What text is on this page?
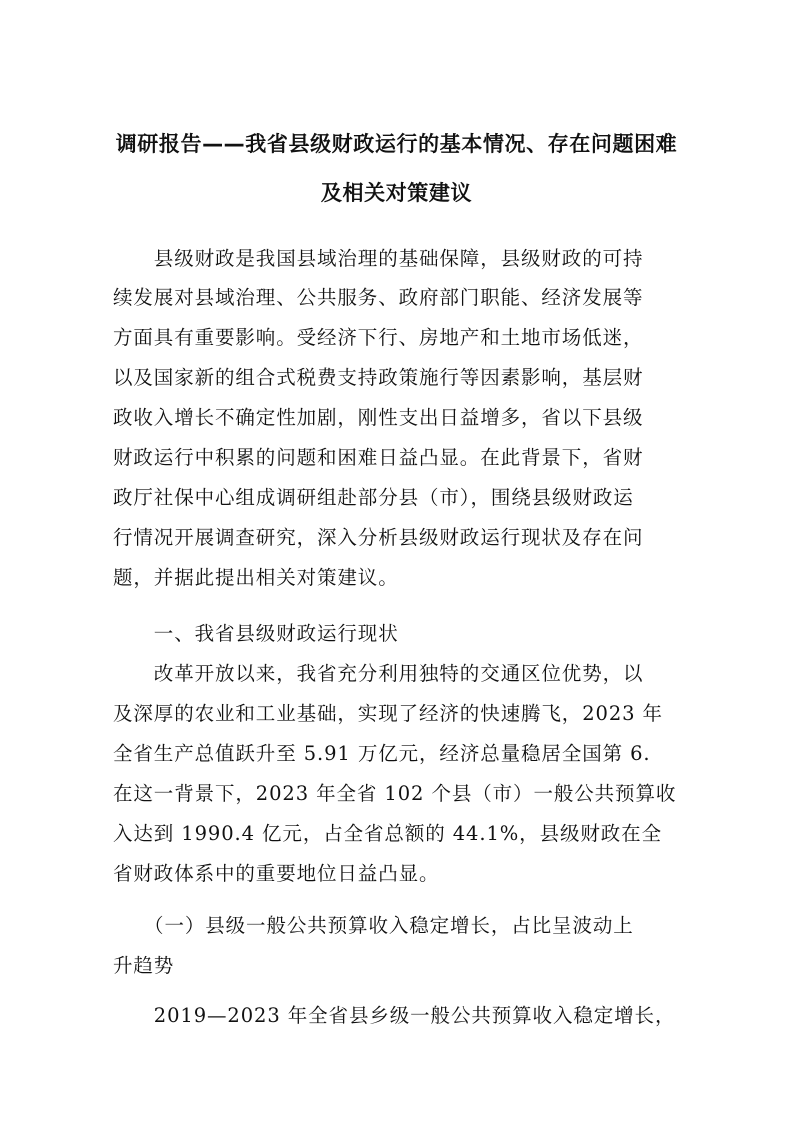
调研报告——我省县级财政运行的基本情况、存在问题困难
及相关对策建议
　　县级财政是我国县域治理的基础保障，县级财政的可持
续发展对县域治理、公共服务、政府部门职能、经济发展等
方面具有重要影响。受经济下行、房地产和土地市场低迷，
以及国家新的组合式税费支持政策施行等因素影响，基层财
政收入增长不确定性加剧，刚性支出日益增多，省以下县级
财政运行中积累的问题和困难日益凸显。在此背景下，省财
政厅社保中心组成调研组赴部分县（市），围绕县级财政运
行情况开展调查研究，深入分析县级财政运行现状及存在问
题，并据此提出相关对策建议。
　　一、我省县级财政运行现状
　　改革开放以来，我省充分利用独特的交通区位优势，以
及深厚的农业和工业基础，实现了经济的快速腾飞，2023 年
全省生产总值跃升至 5.91 万亿元，经济总量稳居全国第 6.
在这一背景下，2023 年全省 102 个县（市）一般公共预算收
入达到 1990.4 亿元，占全省总额的 44.1%，县级财政在全
省财政体系中的重要地位日益凸显。
　　（一）县级一般公共预算收入稳定增长，占比呈波动上
升趋势
　　2019—2023 年全省县乡级一般公共预算收入稳定增长，
